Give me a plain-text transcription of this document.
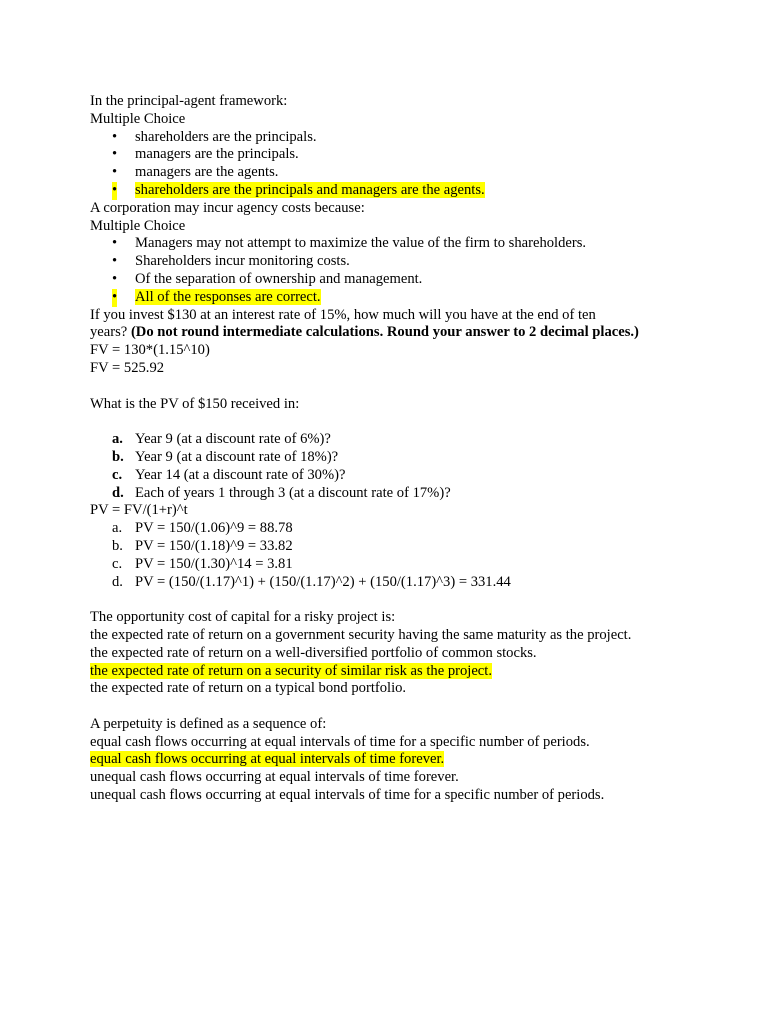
In the principal-agent framework:

Multiple Choice

• shareholders are the principals.
• managers are the principals.
• managers are the agents.
• shareholders are the principals and managers are the agents.

A corporation may incur agency costs because:

Multiple Choice

• Managers may not attempt to maximize the value of the firm to shareholders.
• Shareholders incur monitoring costs.
• Of the separation of ownership and management.
• All of the responses are correct.

If you invest $130 at an interest rate of 15%, how much will you have at the end of ten

years? (Do not round intermediate calculations. Round your answer to 2 decimal places.)

FV = 130*(1.15^10)

FV = 525.92

What is the PV of $150 received in:

a. Year 9 (at a discount rate of 6%)?
b. Year 9 (at a discount rate of 18%)?
c. Year 14 (at a discount rate of 30%)?
d. Each of years 1 through 3 (at a discount rate of 17%)?

PV = FV/(1+r)^t

a. PV = 150/(1.06)^9 = 88.78
b. PV = 150/(1.18)^9 = 33.82
c. PV = 150/(1.30)^14 = 3.81
d. PV = (150/(1.17)^1) + (150/(1.17)^2) + (150/(1.17)^3) = 331.44

The opportunity cost of capital for a risky project is:

the expected rate of return on a government security having the same maturity as the project.

the expected rate of return on a well-diversified portfolio of common stocks.

the expected rate of return on a security of similar risk as the project.

the expected rate of return on a typical bond portfolio.

A perpetuity is defined as a sequence of:

equal cash flows occurring at equal intervals of time for a specific number of periods.

equal cash flows occurring at equal intervals of time forever.

unequal cash flows occurring at equal intervals of time forever.

unequal cash flows occurring at equal intervals of time for a specific number of periods.
